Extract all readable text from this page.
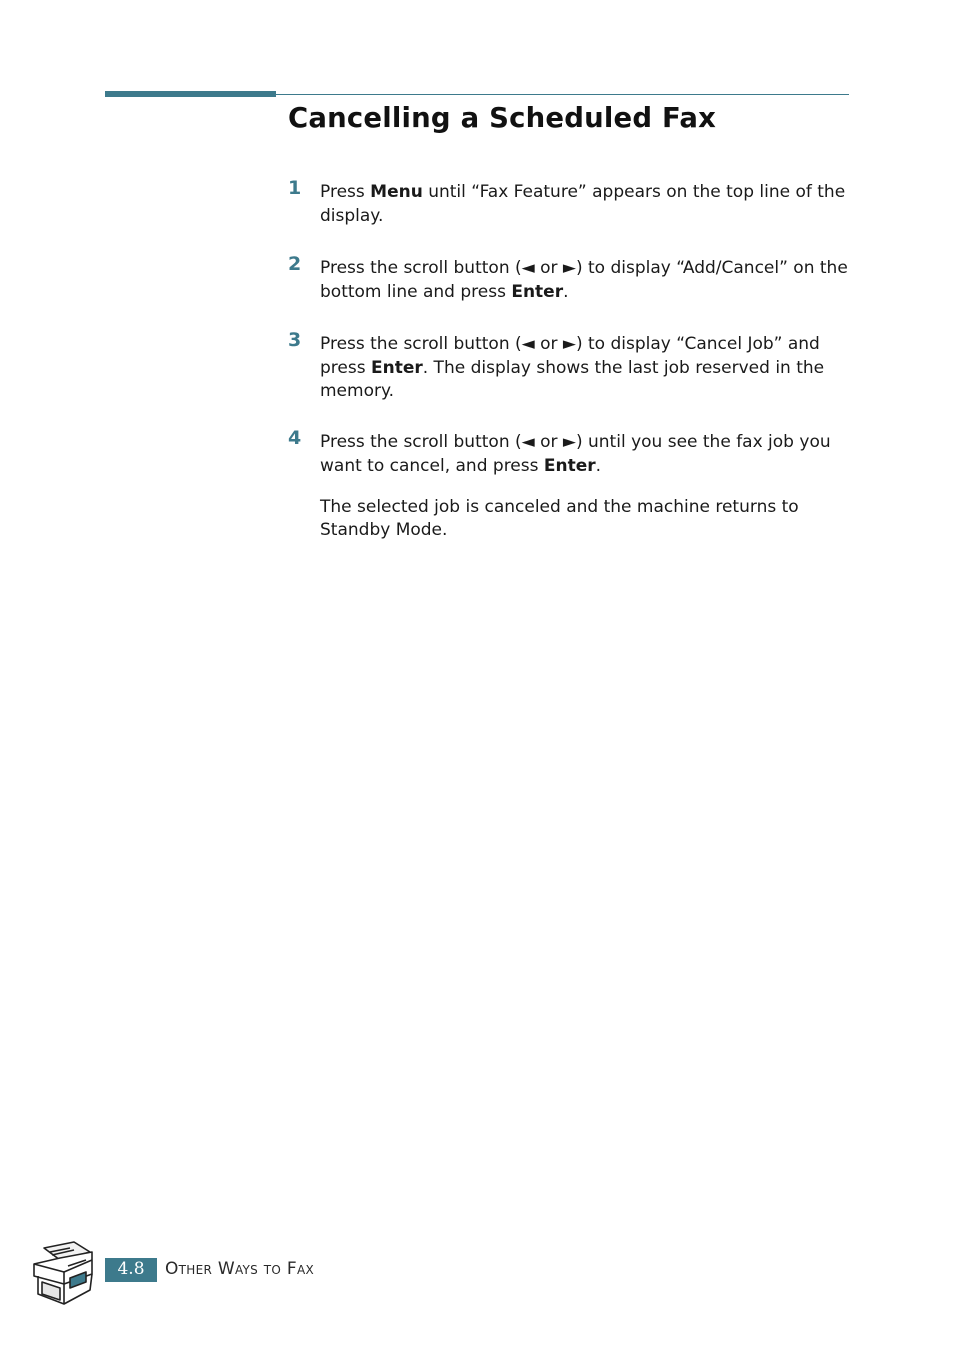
Cancelling a Scheduled Fax
1 Press Menu until “Fax Feature” appears on the top line of the display.
2 Press the scroll button (◄ or ►) to display “Add/Cancel” on the bottom line and press Enter.
3 Press the scroll button (◄ or ►) to display “Cancel Job” and press Enter. The display shows the last job reserved in the memory.
4 Press the scroll button (◄ or ►) until you see the fax job you want to cancel, and press Enter.
The selected job is canceled and the machine returns to Standby Mode.
4.8	Other Ways to Fax
